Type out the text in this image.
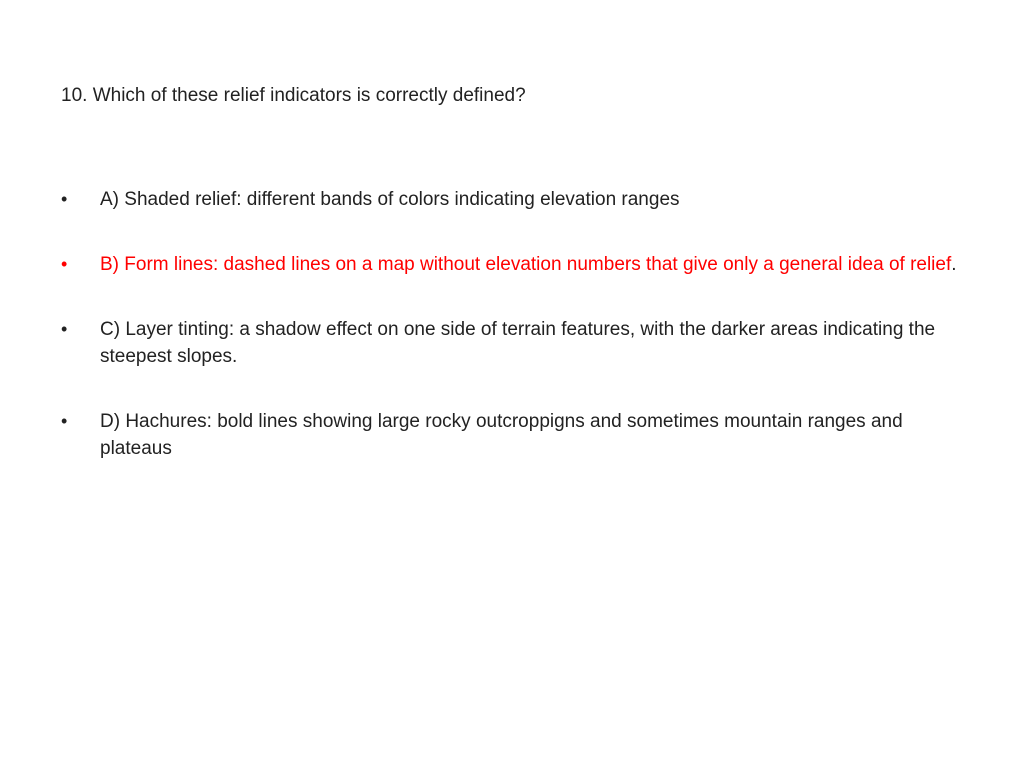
10. Which of these relief indicators is correctly defined?
• A) Shaded relief: different bands of colors indicating elevation ranges
• B) Form lines: dashed lines on a map without elevation numbers that give only a general idea of relief.
• C) Layer tinting: a shadow effect on one side of terrain features, with the darker areas indicating the steepest slopes.
• D) Hachures: bold lines showing large rocky outcroppigns and sometimes mountain ranges and plateaus
